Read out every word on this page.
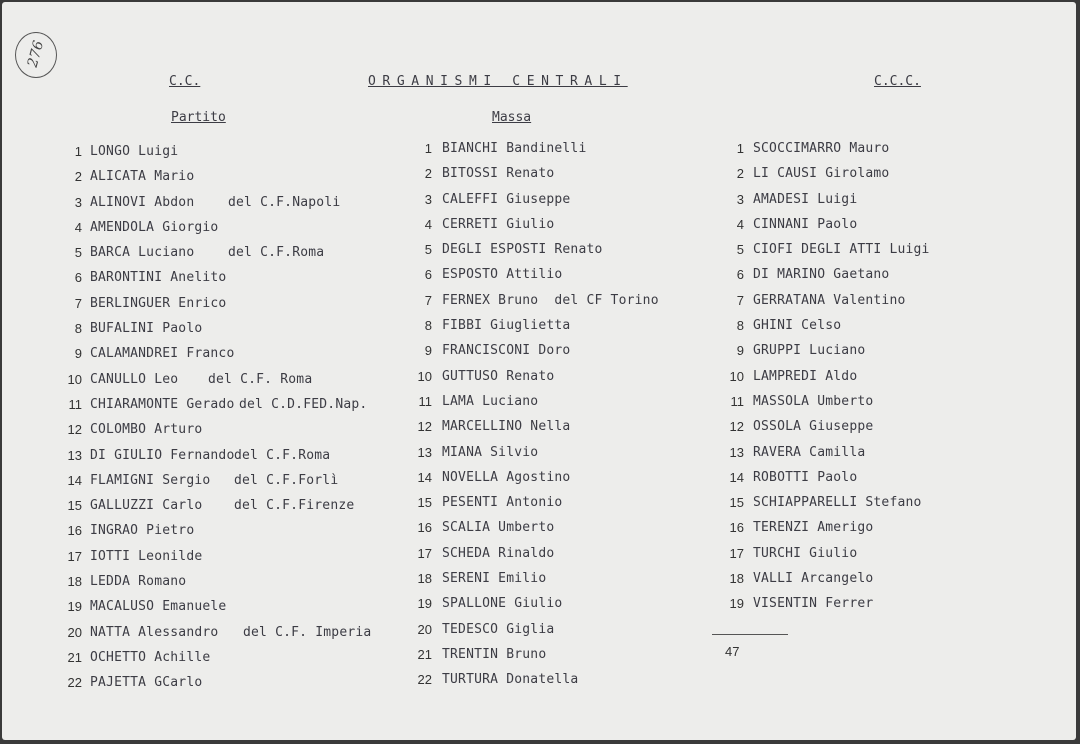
276
C.C.	ORGANISMI CENTRALI	C.C.C.
Partito	Massa
1 LONGO Luigi
2 ALICATA Mario
3 ALINOVI Abdon	del C.F.Napoli
4 AMENDOLA Giorgio
5 BARCA Luciano	del C.F.Roma
6 BARONTINI Anelito
7 BERLINGUER Enrico
8 BUFALINI Paolo
9 CALAMANDREI Franco
10 CANULLO Leo del C.F. Roma
11 CHIARAMONTE Gerado del C.D.FED.Nap.
12 COLOMBO Arturo
13 DI GIULIO Fernando del C.F.Roma
14 FLAMIGNI Sergio del C.F.Forlì
15 GALLUZZI Carlo del C.F.Firenze
16 INGRAO Pietro
17 IOTTI Leonilde
18 LEDDA Romano
19 MACALUSO Emanuele
20 NATTA Alessandro del C.F. Imperia
21 OCHETTO Achille
22 PAJETTA GCarlo
1 BIANCHI Bandinelli
2 BITOSSI Renato
3 CALEFFI Giuseppe
4 CERRETI Giulio
5 DEGLI ESPOSTI Renato
6 ESPOSTO Attilio
7 FERNEX Bruno  del CF Torino
8 FIBBI Giuglietta
9 FRANCISCONI Doro
10 GUTTUSO Renato
11 LAMA Luciano
12 MARCELLINO Nella
13 MIANA Silvio
14 NOVELLA Agostino
15 PESENTI Antonio
16 SCALIA Umberto
17 SCHEDA Rinaldo
18 SERENI Emilio
19 SPALLONE Giulio
20 TEDESCO Giglia
21 TRENTIN Bruno
22 TURTURA Donatella
1 SCOCCIMARRO Mauro
2 LI CAUSI Girolamo
3 AMADESI Luigi
4 CINNANI Paolo
5 CIOFI DEGLI ATTI Luigi
6 DI MARINO Gaetano
7 GERRATANA Valentino
8 GHINI Celso
9 GRUPPI Luciano
10 LAMPREDI Aldo
11 MASSOLA Umberto
12 OSSOLA Giuseppe
13 RAVERA Camilla
14 ROBOTTI Paolo
15 SCHIAPPARELLI Stefano
16 TERENZI Amerigo
17 TURCHI Giulio
18 VALLI Arcangelo
19 VISENTIN Ferrer
47
